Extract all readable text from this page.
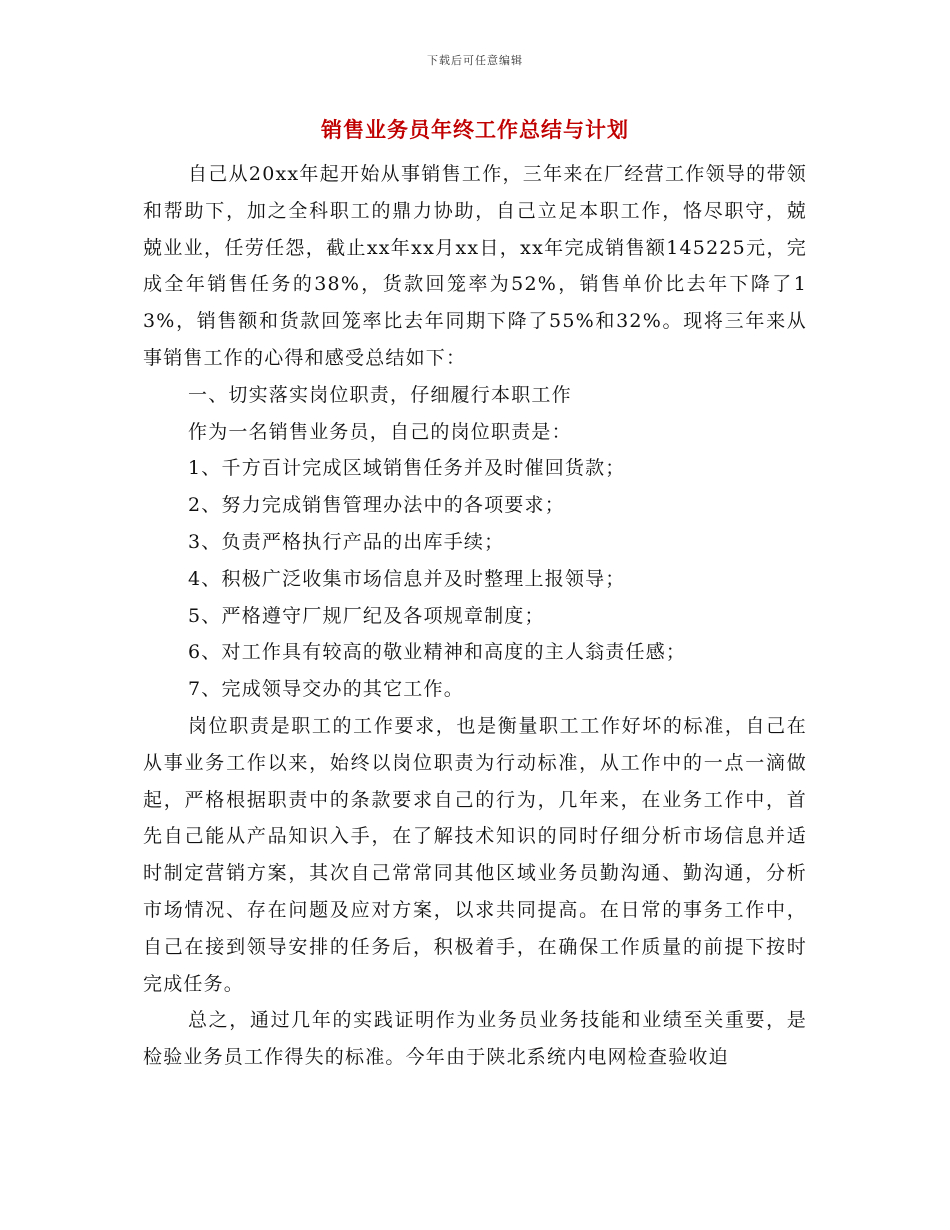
下载后可任意编辑
销售业务员年终工作总结与计划

自己从20xx年起开始从事销售工作，三年来在厂经营工作领导的带领和帮助下，加之全科职工的鼎力协助，自己立足本职工作，恪尽职守，兢兢业业，任劳任怨，截止xx年xx月xx日，xx年完成销售额145225元，完成全年销售任务的38%，货款回笼率为52%，销售单价比去年下降了13%，销售额和货款回笼率比去年同期下降了55%和32%。现将三年来从事销售工作的心得和感受总结如下：

一、切实落实岗位职责，仔细履行本职工作

作为一名销售业务员，自己的岗位职责是：

1、千方百计完成区域销售任务并及时催回货款；

2、努力完成销售管理办法中的各项要求；

3、负责严格执行产品的出库手续；

4、积极广泛收集市场信息并及时整理上报领导；

5、严格遵守厂规厂纪及各项规章制度；

6、对工作具有较高的敬业精神和高度的主人翁责任感；

7、完成领导交办的其它工作。

岗位职责是职工的工作要求，也是衡量职工工作好坏的标准，自己在从事业务工作以来，始终以岗位职责为行动标准，从工作中的一点一滴做起，严格根据职责中的条款要求自己的行为，几年来，在业务工作中，首先自己能从产品知识入手，在了解技术知识的同时仔细分析市场信息并适时制定营销方案，其次自己常常同其他区域业务员勤沟通、勤沟通，分析市场情况、存在问题及应对方案，以求共同提高。在日常的事务工作中，自己在接到领导安排的任务后，积极着手，在确保工作质量的前提下按时完成任务。

总之，通过几年的实践证明作为业务员业务技能和业绩至关重要，是检验业务员工作得失的标准。今年由于陕北系统内电网检查验收迫
